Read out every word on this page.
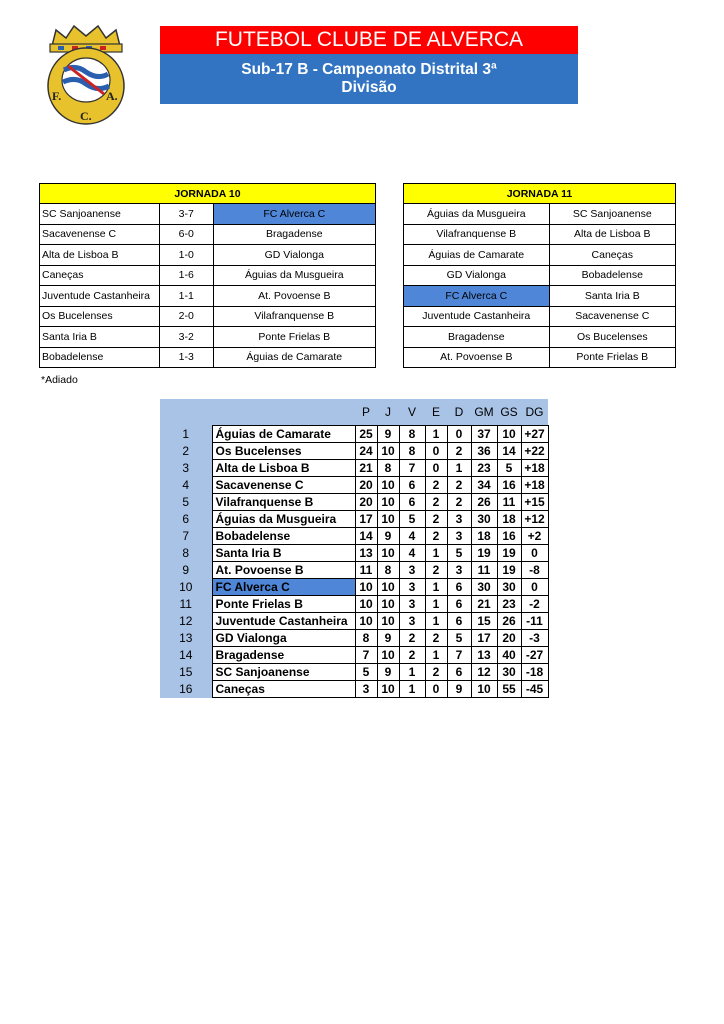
F.
C.
A.
FUTEBOL CLUBE DE ALVERCA
Sub-17 B - Campeonato Distrital 3ª Divisão
JORNADA 10		
SC Sanjoanense	3-7	FC Alverca C
Sacavenense C	6-0	Bragadense
Alta de Lisboa B	1-0	GD Vialonga
Caneças	1-6	Águias da Musgueira
Juventude Castanheira	1-1	At. Povoense B
Os Bucelenses	2-0	Vilafranquense B
Santa Iria B	3-2	Ponte Frielas B
Bobadelense	1-3	Águias de Camarate
JORNADA 11	
Águias da Musgueira	SC Sanjoanense
Vilafranquense B	Alta de Lisboa B
Águias de Camarate	Caneças
GD Vialonga	Bobadelense
FC Alverca C	Santa Iria B
Juventude Castanheira	Sacavenense C
Bragadense	Os Bucelenses
At. Povoense B	Ponte Frielas B
*Adiado
		P	J	V	E	D	GM	GS	DG
1	Águias de Camarate	25	9	8	1	0	37	10	+27
2	Os Bucelenses	24	10	8	0	2	36	14	+22
3	Alta de Lisboa B	21	8	7	0	1	23	5	+18
4	Sacavenense C	20	10	6	2	2	34	16	+18
5	Vilafranquense B	20	10	6	2	2	26	11	+15
6	Águias da Musgueira	17	10	5	2	3	30	18	+12
7	Bobadelense	14	9	4	2	3	18	16	+2
8	Santa Iria B	13	10	4	1	5	19	19	0
9	At. Povoense B	11	8	3	2	3	11	19	-8
10	FC Alverca C	10	10	3	1	6	30	30	0
11	Ponte Frielas B	10	10	3	1	6	21	23	-2
12	Juventude Castanheira	10	10	3	1	6	15	26	-11
13	GD Vialonga	8	9	2	2	5	17	20	-3
14	Bragadense	7	10	2	1	7	13	40	-27
15	SC Sanjoanense	5	9	1	2	6	12	30	-18
16	Caneças	3	10	1	0	9	10	55	-45
